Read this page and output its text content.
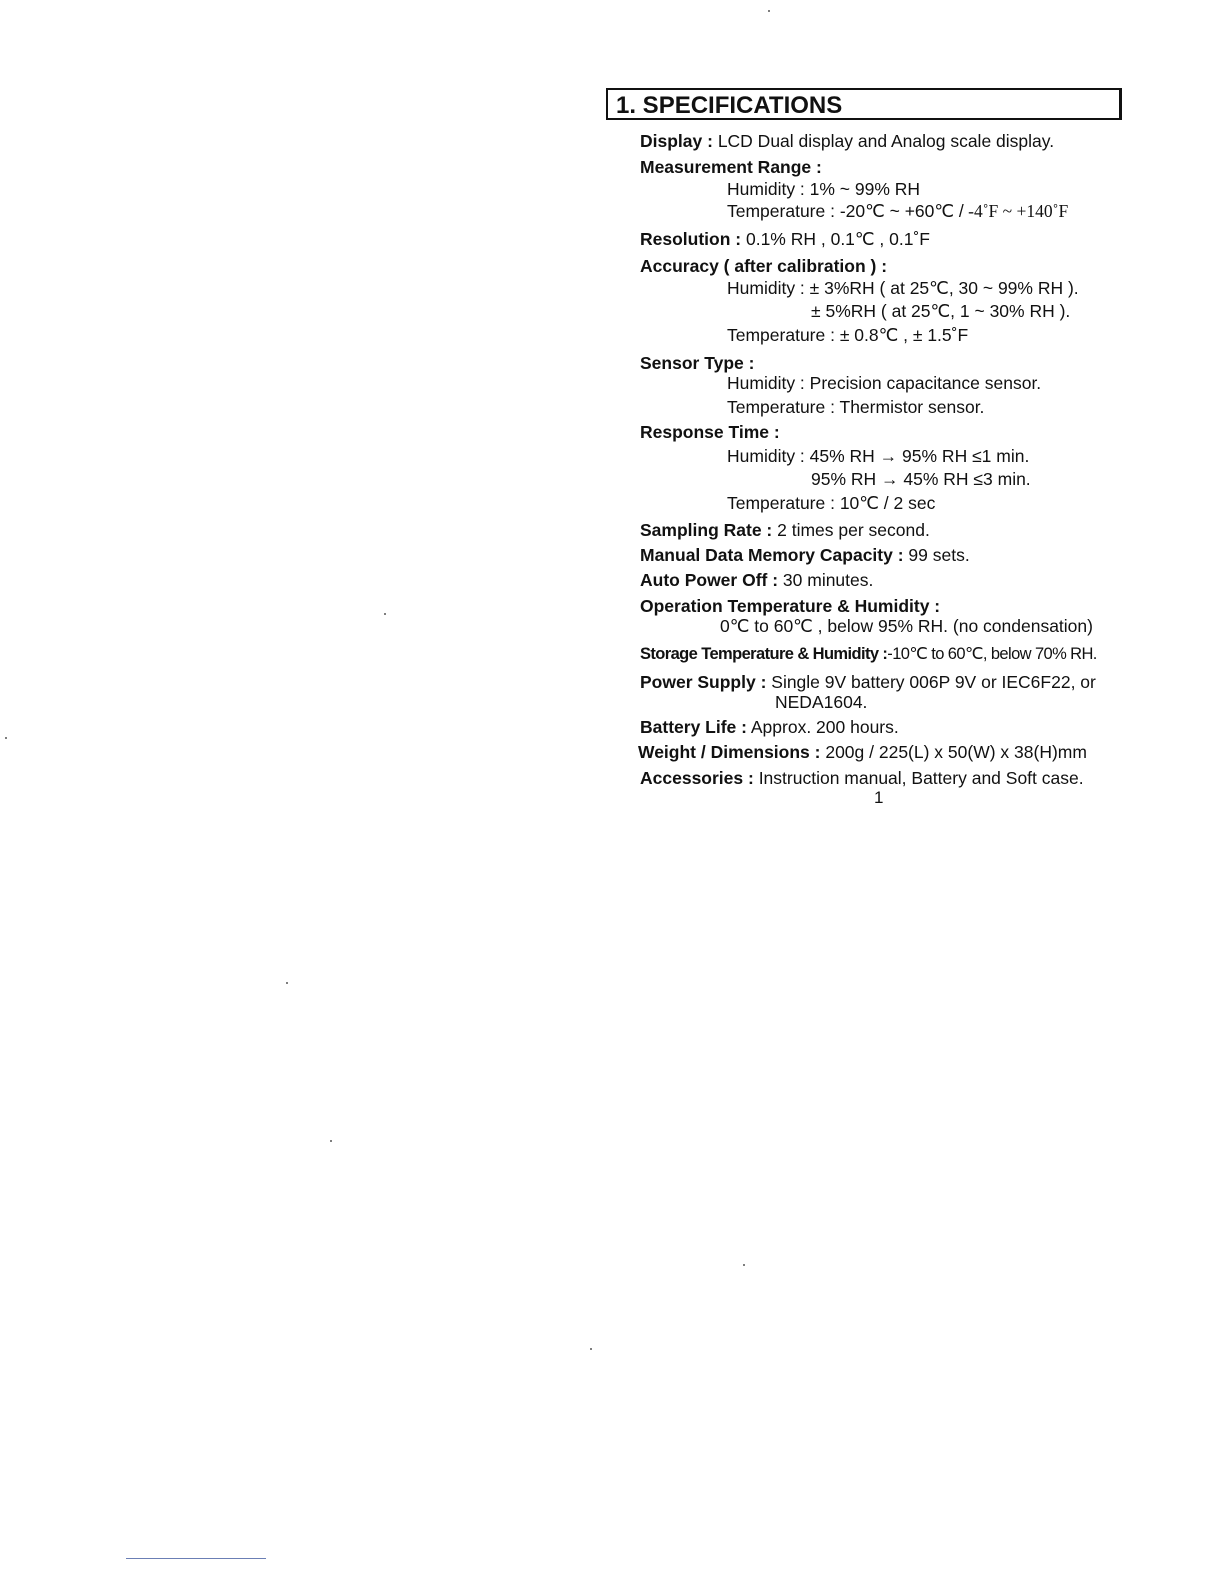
1. SPECIFICATIONS
Display : LCD Dual display and Analog scale display.
Measurement Range :
Humidity : 1% ~ 99% RH
Temperature : -20℃ ~ +60℃ / -4˚F ~ +140˚F
Resolution : 0.1% RH , 0.1℃ , 0.1˚F
Accuracy ( after calibration ) :
Humidity : ± 3%RH ( at 25℃, 30 ~ 99% RH ).
± 5%RH ( at 25℃, 1 ~ 30% RH ).
Temperature : ± 0.8℃ , ± 1.5˚F
Sensor Type :
Humidity : Precision capacitance sensor.
Temperature : Thermistor sensor.
Response Time :
Humidity : 45% RH → 95% RH ≤1 min.
95% RH → 45% RH ≤3 min.
Temperature : 10℃ / 2 sec
Sampling Rate : 2 times per second.
Manual Data Memory Capacity : 99 sets.
Auto Power Off : 30 minutes.
Operation Temperature & Humidity :
0℃ to 60℃ , below 95% RH. (no condensation)
Storage Temperature & Humidity :-10℃ to 60℃, below 70% RH.
Power Supply : Single 9V battery 006P 9V or IEC6F22, or
NEDA1604.
Battery Life : Approx. 200 hours.
Weight / Dimensions : 200g / 225(L) x 50(W) x 38(H)mm
Accessories : Instruction manual, Battery and Soft case.
1
